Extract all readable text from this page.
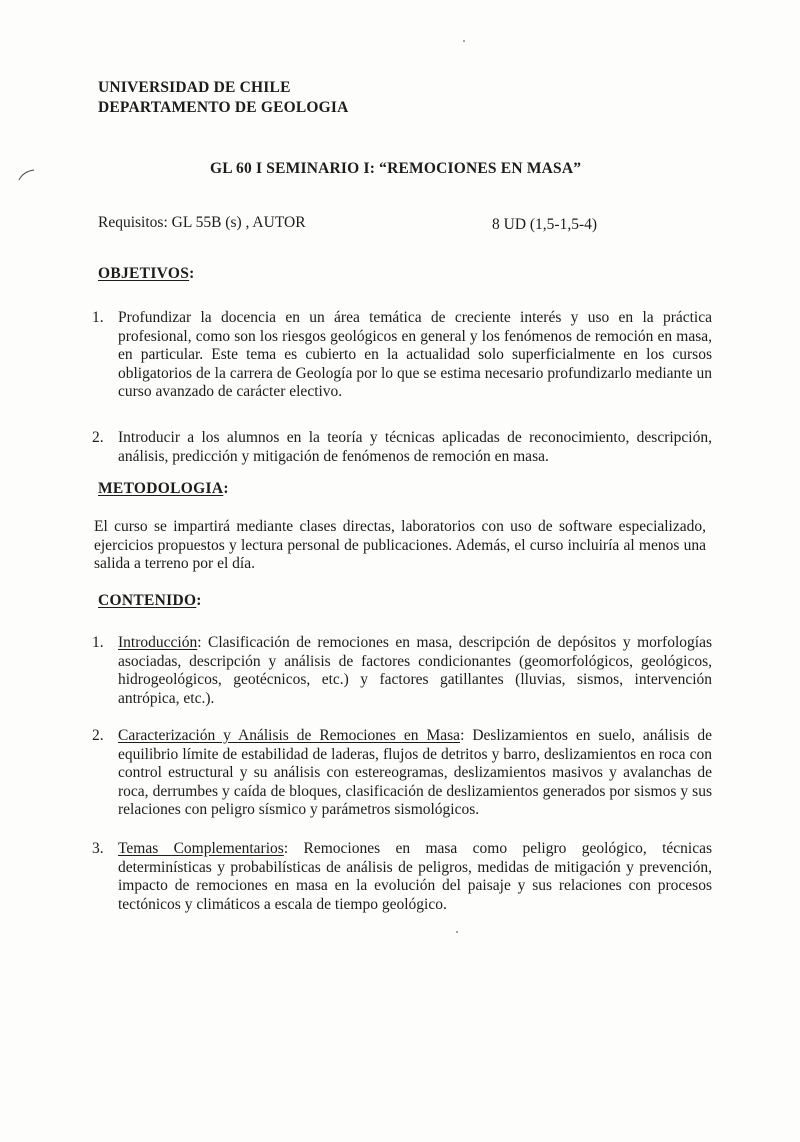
UNIVERSIDAD DE CHILE
DEPARTAMENTO DE GEOLOGIA
GL 60 I SEMINARIO I: “REMOCIONES EN MASA”
Requisitos: GL 55B (s) , AUTOR	8 UD (1,5-1,5-4)
OBJETIVOS:
1. Profundizar la docencia en un área temática de creciente interés y uso en la práctica profesional, como son los riesgos geológicos en general y los fenómenos de remoción en masa, en particular. Este tema es cubierto en la actualidad solo superficialmente en los cursos obligatorios de la carrera de Geología por lo que se estima necesario profundizarlo mediante un curso avanzado de carácter electivo.
2. Introducir a los alumnos en la teoría y técnicas aplicadas de reconocimiento, descripción, análisis, predicción y mitigación de fenómenos de remoción en masa.
METODOLOGIA:
El curso se impartirá mediante clases directas, laboratorios con uso de software especializado, ejercicios propuestos y lectura personal de publicaciones. Además, el curso incluiría al menos una salida a terreno por el día.
CONTENIDO:
1. Introducción: Clasificación de remociones en masa, descripción de depósitos y morfologías asociadas, descripción y análisis de factores condicionantes (geomorfológicos, geológicos, hidrogeológicos, geotécnicos, etc.) y factores gatillantes (lluvias, sismos, intervención antrópica, etc.).
2. Caracterización y Análisis de Remociones en Masa: Deslizamientos en suelo, análisis de equilibrio límite de estabilidad de laderas, flujos de detritos y barro, deslizamientos en roca con control estructural y su análisis con estereogramas, deslizamientos masivos y avalanchas de roca, derrumbes y caída de bloques, clasificación de deslizamientos generados por sismos y sus relaciones con peligro sísmico y parámetros sismológicos.
3. Temas Complementarios: Remociones en masa como peligro geológico, técnicas determinísticas y probabilísticas de análisis de peligros, medidas de mitigación y prevención, impacto de remociones en masa en la evolución del paisaje y sus relaciones con procesos tectónicos y climáticos a escala de tiempo geológico.
